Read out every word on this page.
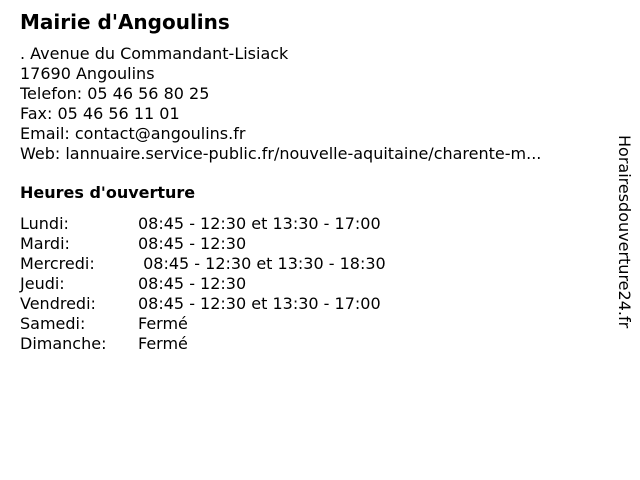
Mairie d'Angoulins
. Avenue du Commandant-Lisiack
17690 Angoulins
Telefon: 05 46 56 80 25
Fax: 05 46 56 11 01
Email: contact@angoulins.fr
Web: lannuaire.service-public.fr/nouvelle-aquitaine/charente-m...
Heures d'ouverture
Lundi:	08:45 - 12:30 et 13:30 - 17:00
Mardi:	08:45 - 12:30
Mercredi:	08:45 - 12:30 et 13:30 - 18:30
Jeudi:	08:45 - 12:30
Vendredi:	08:45 - 12:30 et 13:30 - 17:00
Samedi:	Fermé
Dimanche: Fermé
Horairesdouverture24.fr
